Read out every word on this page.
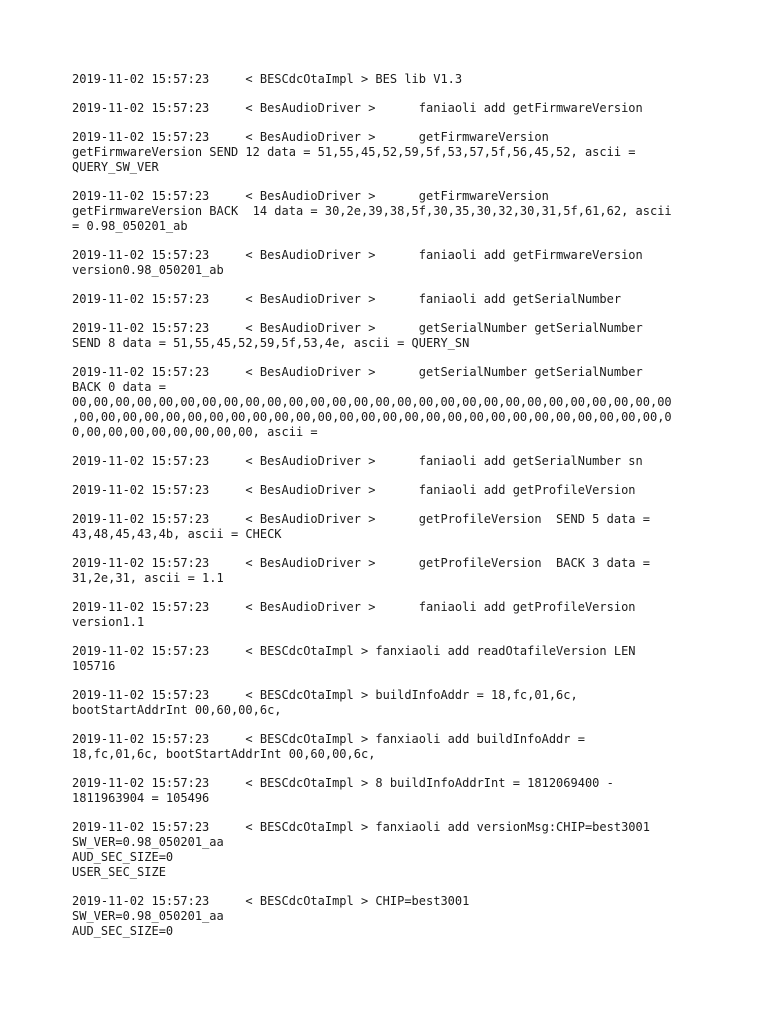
2019-11-02 15:57:23     < BESCdcOtaImpl > BES lib V1.3
2019-11-02 15:57:23     < BesAudioDriver >      faniaoli add getFirmwareVersion
2019-11-02 15:57:23     < BesAudioDriver >      getFirmwareVersion
getFirmwareVersion SEND 12 data = 51,55,45,52,59,5f,53,57,5f,56,45,52, ascii =
QUERY_SW_VER
2019-11-02 15:57:23     < BesAudioDriver >      getFirmwareVersion
getFirmwareVersion BACK  14 data = 30,2e,39,38,5f,30,35,30,32,30,31,5f,61,62, ascii
= 0.98_050201_ab
2019-11-02 15:57:23     < BesAudioDriver >      faniaoli add getFirmwareVersion
version0.98_050201_ab
2019-11-02 15:57:23     < BesAudioDriver >      faniaoli add getSerialNumber
2019-11-02 15:57:23     < BesAudioDriver >      getSerialNumber getSerialNumber
SEND 8 data = 51,55,45,52,59,5f,53,4e, ascii = QUERY_SN
2019-11-02 15:57:23     < BesAudioDriver >      getSerialNumber getSerialNumber
BACK 0 data =
00,00,00,00,00,00,00,00,00,00,00,00,00,00,00,00,00,00,00,00,00,00,00,00,00,00,00,00
,00,00,00,00,00,00,00,00,00,00,00,00,00,00,00,00,00,00,00,00,00,00,00,00,00,00,00,0
0,00,00,00,00,00,00,00,00, ascii =
2019-11-02 15:57:23     < BesAudioDriver >      faniaoli add getSerialNumber sn
2019-11-02 15:57:23     < BesAudioDriver >      faniaoli add getProfileVersion
2019-11-02 15:57:23     < BesAudioDriver >      getProfileVersion  SEND 5 data =
43,48,45,43,4b, ascii = CHECK
2019-11-02 15:57:23     < BesAudioDriver >      getProfileVersion  BACK 3 data =
31,2e,31, ascii = 1.1
2019-11-02 15:57:23     < BesAudioDriver >      faniaoli add getProfileVersion
version1.1
2019-11-02 15:57:23     < BESCdcOtaImpl > fanxiaoli add readOtafileVersion LEN
105716
2019-11-02 15:57:23     < BESCdcOtaImpl > buildInfoAddr = 18,fc,01,6c,
bootStartAddrInt 00,60,00,6c,
2019-11-02 15:57:23     < BESCdcOtaImpl > fanxiaoli add buildInfoAddr =
18,fc,01,6c, bootStartAddrInt 00,60,00,6c,
2019-11-02 15:57:23     < BESCdcOtaImpl > 8 buildInfoAddrInt = 1812069400 -
1811963904 = 105496
2019-11-02 15:57:23     < BESCdcOtaImpl > fanxiaoli add versionMsg:CHIP=best3001
SW_VER=0.98_050201_aa
AUD_SEC_SIZE=0
USER_SEC_SIZE
2019-11-02 15:57:23     < BESCdcOtaImpl > CHIP=best3001
SW_VER=0.98_050201_aa
AUD_SEC_SIZE=0
